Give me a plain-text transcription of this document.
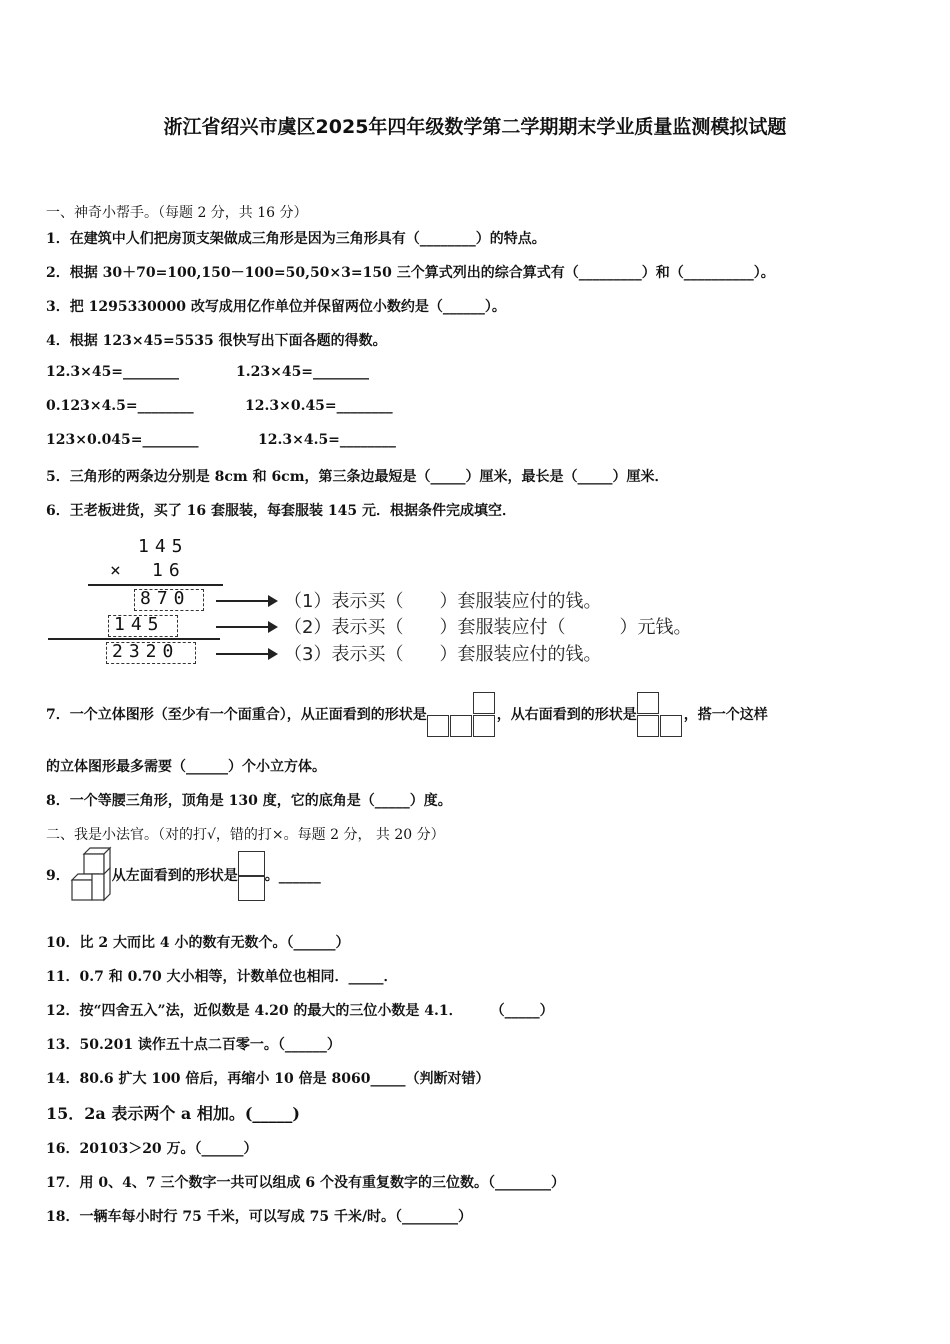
浙江省绍兴市虞区2025年四年级数学第二学期期末学业质量监测模拟试题
一、神奇小帮手。（每题 2 分，共 16 分）
1．在建筑中人们把房顶支架做成三角形是因为三角形具有（________）的特点。
2．根据 30＋70=100,150－100=50,50×3=150 三个算式列出的综合算式有（_________）和（__________）。
3．把 1295330000 改写成用亿作单位并保留两位小数约是（______）。
4．根据 123×45=5535 很快写出下面各题的得数。
12.3×45=________	1.23×45=________
0.123×4.5=________	12.3×0.45=________
123×0.045=________	12.3×4.5=________
5．三角形的两条边分别是 8cm 和 6cm，第三条边最短是（_____）厘米，最长是（_____）厘米．
6．王老板进货，买了 16 套服装，每套服装 145 元．根据条件完成填空．
145
× 16
870	（1）表示买（　　）套服装应付的钱。
145	（2）表示买（　　）套服装应付（　　　）元钱。
2320	（3）表示买（　　）套服装应付的钱。
7．一个立体图形（至少有一个面重合），从正面看到的形状是	，从右面看到的形状是	，搭一个这样
的立体图形最多需要（______）个小立方体。
8．一个等腰三角形，顶角是 130 度，它的底角是（_____）度。
二、我是小法官。（对的打√，错的打×。每题 2 分， 共 20 分）
9．	从左面看到的形状是 。______
10．比 2 大而比 4 小的数有无数个。（______）
11．0.7 和 0.70 大小相等，计数单位也相同．_____．
12．按“四舍五入”法，近似数是 4.20 的最大的三位小数是 4.1．　　　（_____）
13．50.201 读作五十点二百零一。（______）
14．80.6 扩大 100 倍后，再缩小 10 倍是 8060_____（判断对错）
15．2a 表示两个 a 相加。(_____)
16．20103＞20 万。（______）
17．用 0、4、7 三个数字一共可以组成 6 个没有重复数字的三位数。（________）
18．一辆车每小时行 75 千米，可以写成 75 千米/时。（________）
